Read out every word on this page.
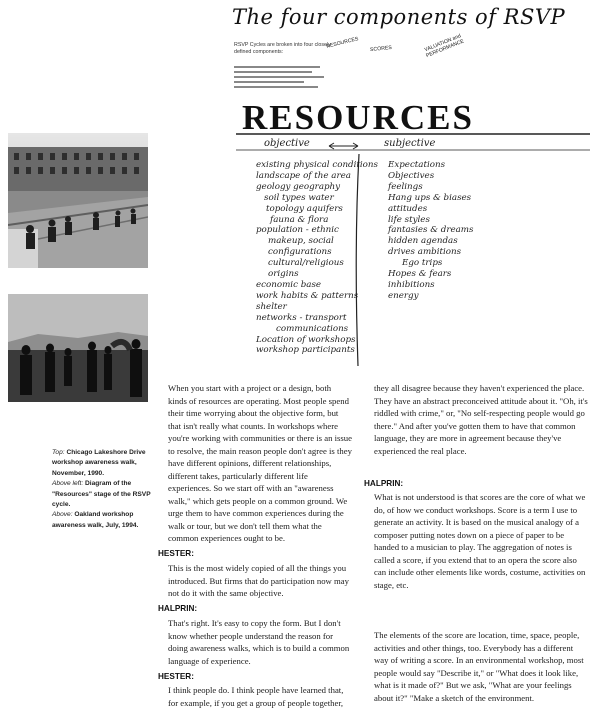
Top: Chicago Lakeshore Drive workshop awareness walk, November, 1990.
Above left: Diagram of the "Resources" stage of the RSVP cycle.
Above: Oakland workshop awareness walk, July, 1994.
The four components of RSVP
RSVP Cycles are broken into four closely defined components:
RESOURCES SCORES	VALUATION and PERFORMANCE
RESOURCES
objective	subjective
existing physical conditions
landscape of the area
geology geography
soil types water
topology aquifers
fauna & flora
population - ethnic
makeup, social
configurations
cultural/religious
origins
economic base
work habits & patterns
shelter
networks - transport
communications
Location of workshops
workshop participants
Expectations
Objectives
feelings
Hang ups & biases
attitudes
life styles
fantasies & dreams
hidden agendas
drives ambitions
Ego trips
Hopes & fears
inhibitions
energy

When you start with a project or a design, both kinds of resources are operating. Most people spend their time worrying about the objective form, but that isn't really what counts. In workshops where you're working with communities or there is an issue to resolve, the main reason people don't agree is they have different opinions, different relationships, different takes, particularly different life experiences. So we start off with an "awareness walk," which gets people on a common ground. We urge them to have common experiences during the walk or tour, but we don't tell them what the common experiences ought to be.

HESTER:

This is the most widely copied of all the things you introduced. But firms that do participation now may not do it with the same objective.

HALPRIN:

That's right. It's easy to copy the form. But I don't know whether people understand the reason for doing awareness walks, which is to build a common language of experience.

HESTER:

I think people do. I think people have learned that, for example, if you get a group of people together,

they all disagree because they haven't experienced the place. They have an abstract preconceived attitude about it. "Oh, it's riddled with crime," or, "No self-respecting people would go there." And after you've gotten them to have that common language, they are more in agreement because they've experienced the real place.

HALPRIN:

What is not understood is that scores are the core of what we do, of how we conduct workshops. Score is a term I use to generate an activity. It is based on the musical analogy of a composer putting notes down on a piece of paper to be handed to a musician to play. The aggregation of notes is called a score, if you extend that to an opera the score also can include other elements like words, costume, activities on stage, etc.

The elements of the score are location, time, space, people, activities and other things, too. Everybody has a different way of writing a score. In an environmental workshop, most people would say "Describe it," or "What does it look like, what is it made of?" But we ask, "What are your feelings about it?" "Make a sketch of the environment.
